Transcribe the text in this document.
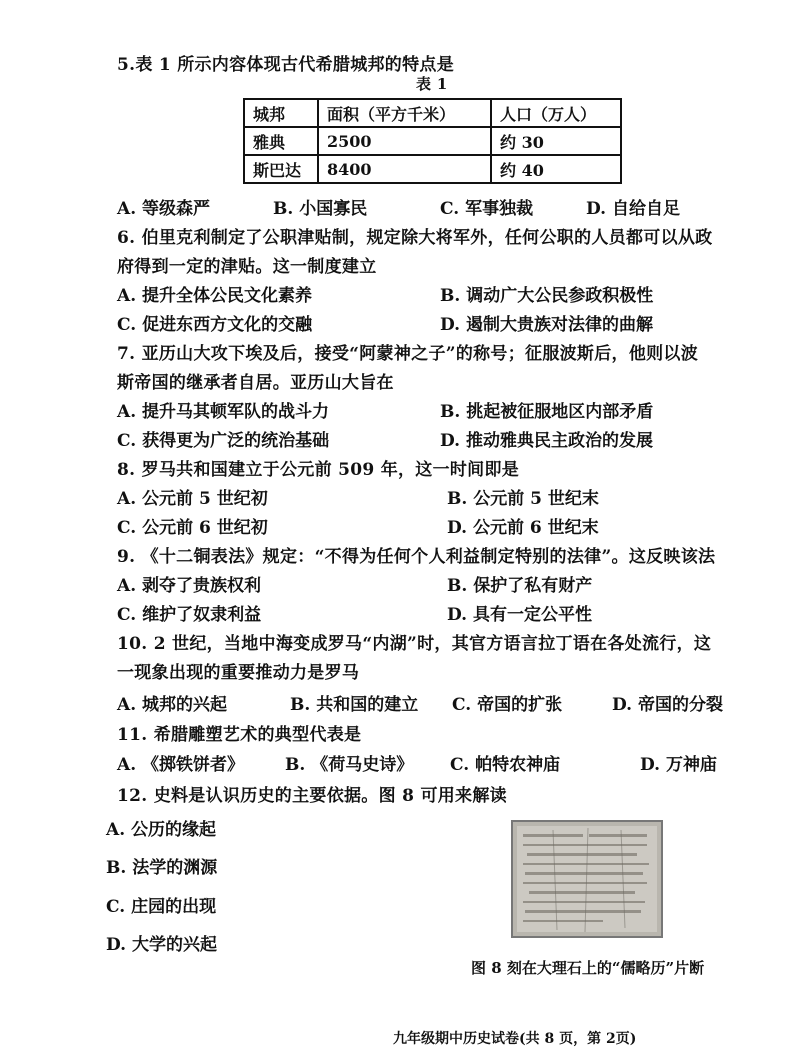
5.表 1 所示内容体现古代希腊城邦的特点是
表 1
城邦	面积（平方千米）	人口（万人）
雅典	2500	约 30
斯巴达	8400	约 40
A. 等级森严	B. 小国寡民	C. 军事独裁	D. 自给自足
6. 伯里克利制定了公职津贴制，规定除大将军外，任何公职的人员都可以从政
府得到一定的津贴。这一制度建立
A. 提升全体公民文化素养	B. 调动广大公民参政积极性
C. 促进东西方文化的交融	D. 遏制大贵族对法律的曲解
7. 亚历山大攻下埃及后，接受“阿蒙神之子”的称号；征服波斯后，他则以波
斯帝国的继承者自居。亚历山大旨在
A. 提升马其顿军队的战斗力	B. 挑起被征服地区内部矛盾
C. 获得更为广泛的统治基础	D. 推动雅典民主政治的发展
8. 罗马共和国建立于公元前 509 年，这一时间即是
A. 公元前 5 世纪初	B. 公元前 5 世纪末
C. 公元前 6 世纪初	D. 公元前 6 世纪末
9. 《十二铜表法》规定：“不得为任何个人利益制定特别的法律”。这反映该法
A. 剥夺了贵族权利	B. 保护了私有财产
C. 维护了奴隶利益	D. 具有一定公平性
10. 2 世纪，当地中海变成罗马“内湖”时，其官方语言拉丁语在各处流行，这
一现象出现的重要推动力是罗马
A. 城邦的兴起	B. 共和国的建立 C. 帝国的扩张	D. 帝国的分裂
11. 希腊雕塑艺术的典型代表是
A. 《掷铁饼者》 B. 《荷马史诗》 C. 帕特农神庙	D. 万神庙
12. 史料是认识历史的主要依据。图 8 可用来解读
A. 公历的缘起
B. 法学的渊源
C. 庄园的出现
D. 大学的兴起
图 8 刻在大理石上的“儒略历”片断
九年级期中历史试卷(共 8 页，第 2页)
